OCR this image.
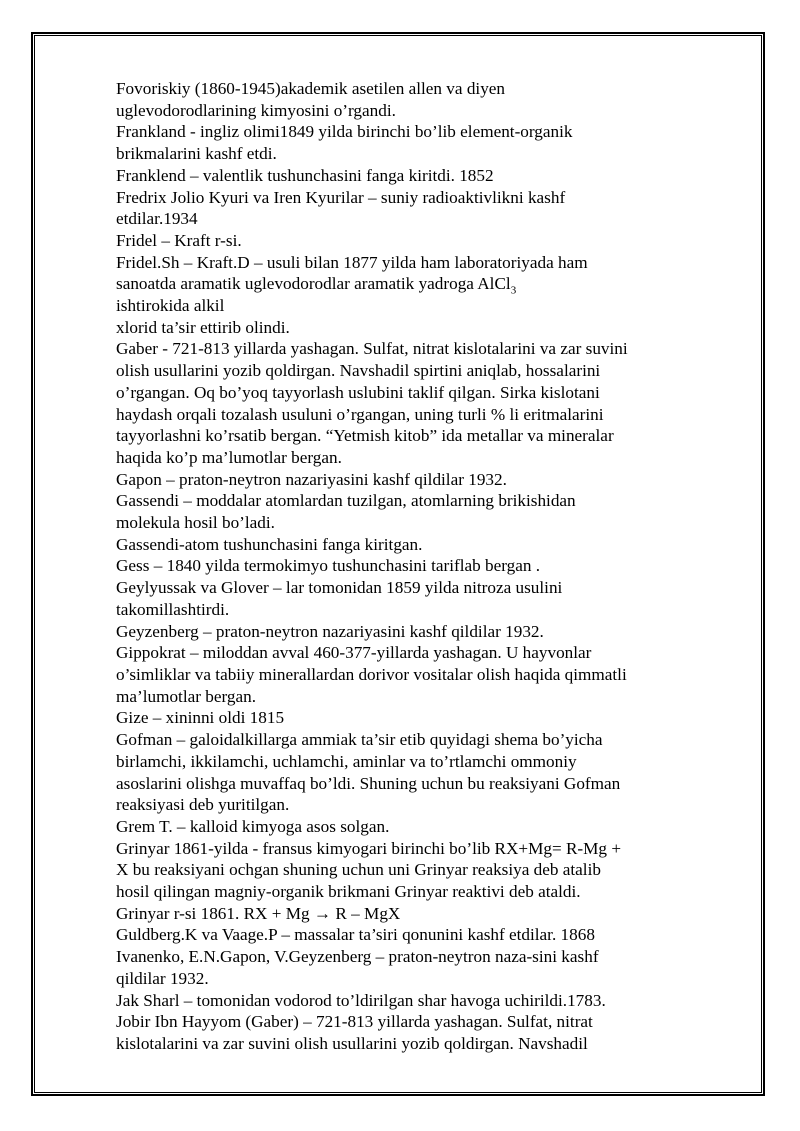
Fovoriskiy (1860-1945)akademik asetilen allen va diyen
uglevodorodlarining kimyosini o’rgandi.
Frankland - ingliz olimi1849 yilda birinchi bo’lib element-organik
brikmalarini kashf etdi.
Franklend – valentlik tushunchasini fanga kiritdi. 1852
Fredrix Jolio Kyuri va Iren Kyurilar – suniy radioaktivlikni kashf
etdilar.1934
Fridel – Kraft r-si.
Fridel.Sh – Kraft.D – usuli bilan 1877 yilda ham laboratoriyada ham
sanoatda aramatik uglevodorodlar aramatik yadroga AlCl$_3$
ishtirokida alkil
xlorid ta’sir ettirib olindi.
Gaber - 721-813 yillarda yashagan. Sulfat, nitrat kislotalarini va zar suvini
olish usullarini yozib qoldirgan. Navshadil spirtini aniqlab, hossalarini
o’rgangan. Oq bo’yoq tayyorlash uslubini taklif qilgan. Sirka kislotani
haydash orqali tozalash usuluni o’rgangan, uning turli % li eritmalarini
tayyorlashni ko’rsatib bergan. “Yetmish kitob” ida metallar va mineralar
haqida ko’p ma’lumotlar bergan.
Gapon – praton-neytron nazariyasini kashf qildilar 1932.
Gassendi – moddalar atomlardan tuzilgan, atomlarning brikishidan
molekula hosil bo’ladi.
Gassendi-atom tushunchasini fanga kiritgan.
Gess – 1840 yilda termokimyo tushunchasini tariflab bergan .
Geylyussak va Glover – lar tomonidan 1859 yilda nitroza usulini
takomillashtirdi.
Geyzenberg – praton-neytron nazariyasini kashf qildilar 1932.
Gippokrat – miloddan avval 460-377-yillarda yashagan. U hayvonlar
o’simliklar va tabiiy minerallardan dorivor vositalar olish haqida qimmatli
ma’lumotlar bergan.
Gize – xininni oldi 1815
Gofman – galoidalkillarga ammiak ta’sir etib quyidagi shema bo’yicha
birlamchi, ikkilamchi, uchlamchi, aminlar va to’rtlamchi ommoniy
asoslarini olishga muvaffaq bo’ldi. Shuning uchun bu reaksiyani Gofman
reaksiyasi deb yuritilgan.
Grem T. – kalloid kimyoga asos solgan.
Grinyar 1861-yilda - fransus kimyogari birinchi bo’lib RX+Mg= R-Mg +
X bu reaksiyani ochgan shuning uchun uni Grinyar reaksiya deb atalib
hosil qilingan magniy-organik brikmani Grinyar reaktivi deb ataldi.
Grinyar r-si 1861. RX + Mg → R – MgX
Guldberg.K va Vaage.P – massalar ta’siri qonunini kashf etdilar. 1868
Ivanenko, E.N.Gapon, V.Geyzenberg – praton-neytron naza-sini kashf
qildilar 1932.
Jak Sharl – tomonidan vodorod to’ldirilgan shar havoga uchirildi.1783.
Jobir Ibn Hayyom (Gaber) – 721-813 yillarda yashagan. Sulfat, nitrat
kislotalarini va zar suvini olish usullarini yozib qoldirgan. Navshadil
